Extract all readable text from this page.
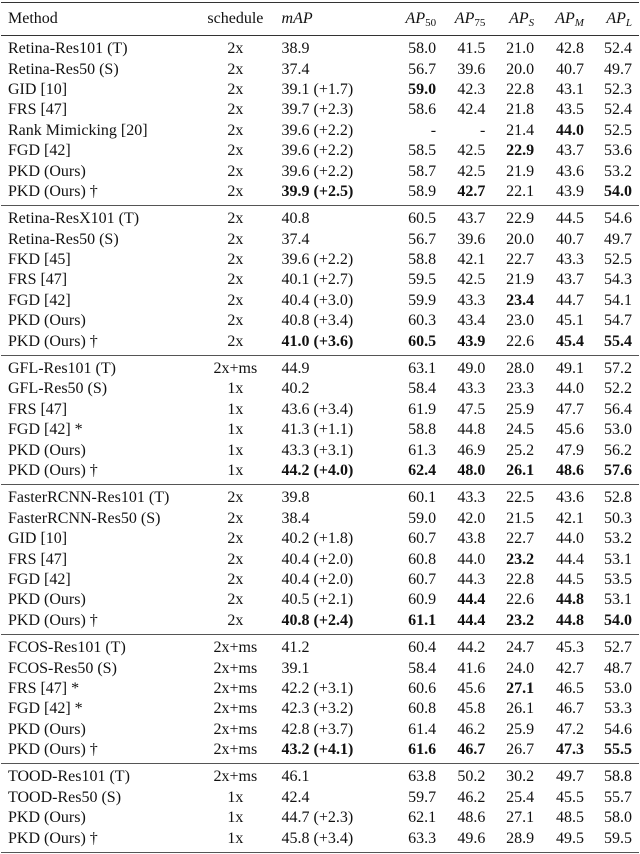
Method	schedule	mAP	$AP_{50}$	$AP_{75}$	$AP_S$	$AP_M$	$AP_L$
Retina-Res101 (T)	2x	38.9	58.0	41.5	21.0	42.8	52.4
Retina-Res50 (S)	2x	37.4	56.7	39.6	20.0	40.7	49.7
GID [10]	2x	39.1 (+1.7)	59.0	42.3	22.8	43.1	52.3
FRS [47]	2x	39.7 (+2.3)	58.6	42.4	21.8	43.5	52.4
Rank Mimicking [20]	2x	39.6 (+2.2)	-	-	21.4	44.0	52.5
FGD [42]	2x	39.6 (+2.2)	58.5	42.5	22.9	43.7	53.6
PKD (Ours)	2x	39.6 (+2.2)	58.7	42.5	21.9	43.6	53.2
PKD (Ours) †	2x	39.9 (+2.5)	58.9	42.7	22.1	43.9	54.0
Retina-ResX101 (T)	2x	40.8	60.5	43.7	22.9	44.5	54.6
Retina-Res50 (S)	2x	37.4	56.7	39.6	20.0	40.7	49.7
FKD [45]	2x	39.6 (+2.2)	58.8	42.1	22.7	43.3	52.5
FRS [47]	2x	40.1 (+2.7)	59.5	42.5	21.9	43.7	54.3
FGD [42]	2x	40.4 (+3.0)	59.9	43.3	23.4	44.7	54.1
PKD (Ours)	2x	40.8 (+3.4)	60.3	43.4	23.0	45.1	54.7
PKD (Ours) †	2x	41.0 (+3.6)	60.5	43.9	22.6	45.4	55.4
GFL-Res101 (T)	2x+ms	44.9	63.1	49.0	28.0	49.1	57.2
GFL-Res50 (S)	1x	40.2	58.4	43.3	23.3	44.0	52.2
FRS [47]	1x	43.6 (+3.4)	61.9	47.5	25.9	47.7	56.4
FGD [42] *	1x	41.3 (+1.1)	58.8	44.8	24.5	45.6	53.0
PKD (Ours)	1x	43.3 (+3.1)	61.3	46.9	25.2	47.9	56.2
PKD (Ours) †	1x	44.2 (+4.0)	62.4	48.0	26.1	48.6	57.6
FasterRCNN-Res101 (T)	2x	39.8	60.1	43.3	22.5	43.6	52.8
FasterRCNN-Res50 (S)	2x	38.4	59.0	42.0	21.5	42.1	50.3
GID [10]	2x	40.2 (+1.8)	60.7	43.8	22.7	44.0	53.2
FRS [47]	2x	40.4 (+2.0)	60.8	44.0	23.2	44.4	53.1
FGD [42]	2x	40.4 (+2.0)	60.7	44.3	22.8	44.5	53.5
PKD (Ours)	2x	40.5 (+2.1)	60.9	44.4	22.6	44.8	53.1
PKD (Ours) †	2x	40.8 (+2.4)	61.1	44.4	23.2	44.8	54.0
FCOS-Res101 (T)	2x+ms	41.2	60.4	44.2	24.7	45.3	52.7
FCOS-Res50 (S)	2x+ms	39.1	58.4	41.6	24.0	42.7	48.7
FRS [47] *	2x+ms	42.2 (+3.1)	60.6	45.6	27.1	46.5	53.0
FGD [42] *	2x+ms	42.3 (+3.2)	60.8	45.8	26.1	46.7	53.3
PKD (Ours)	2x+ms	42.8 (+3.7)	61.4	46.2	25.9	47.2	54.6
PKD (Ours) †	2x+ms	43.2 (+4.1)	61.6	46.7	26.7	47.3	55.5
TOOD-Res101 (T)	2x+ms	46.1	63.8	50.2	30.2	49.7	58.8
TOOD-Res50 (S)	1x	42.4	59.7	46.2	25.4	45.5	55.7
PKD (Ours)	1x	44.7 (+2.3)	62.1	48.6	27.1	48.5	58.0
PKD (Ours) †	1x	45.8 (+3.4)	63.3	49.6	28.9	49.5	59.5
